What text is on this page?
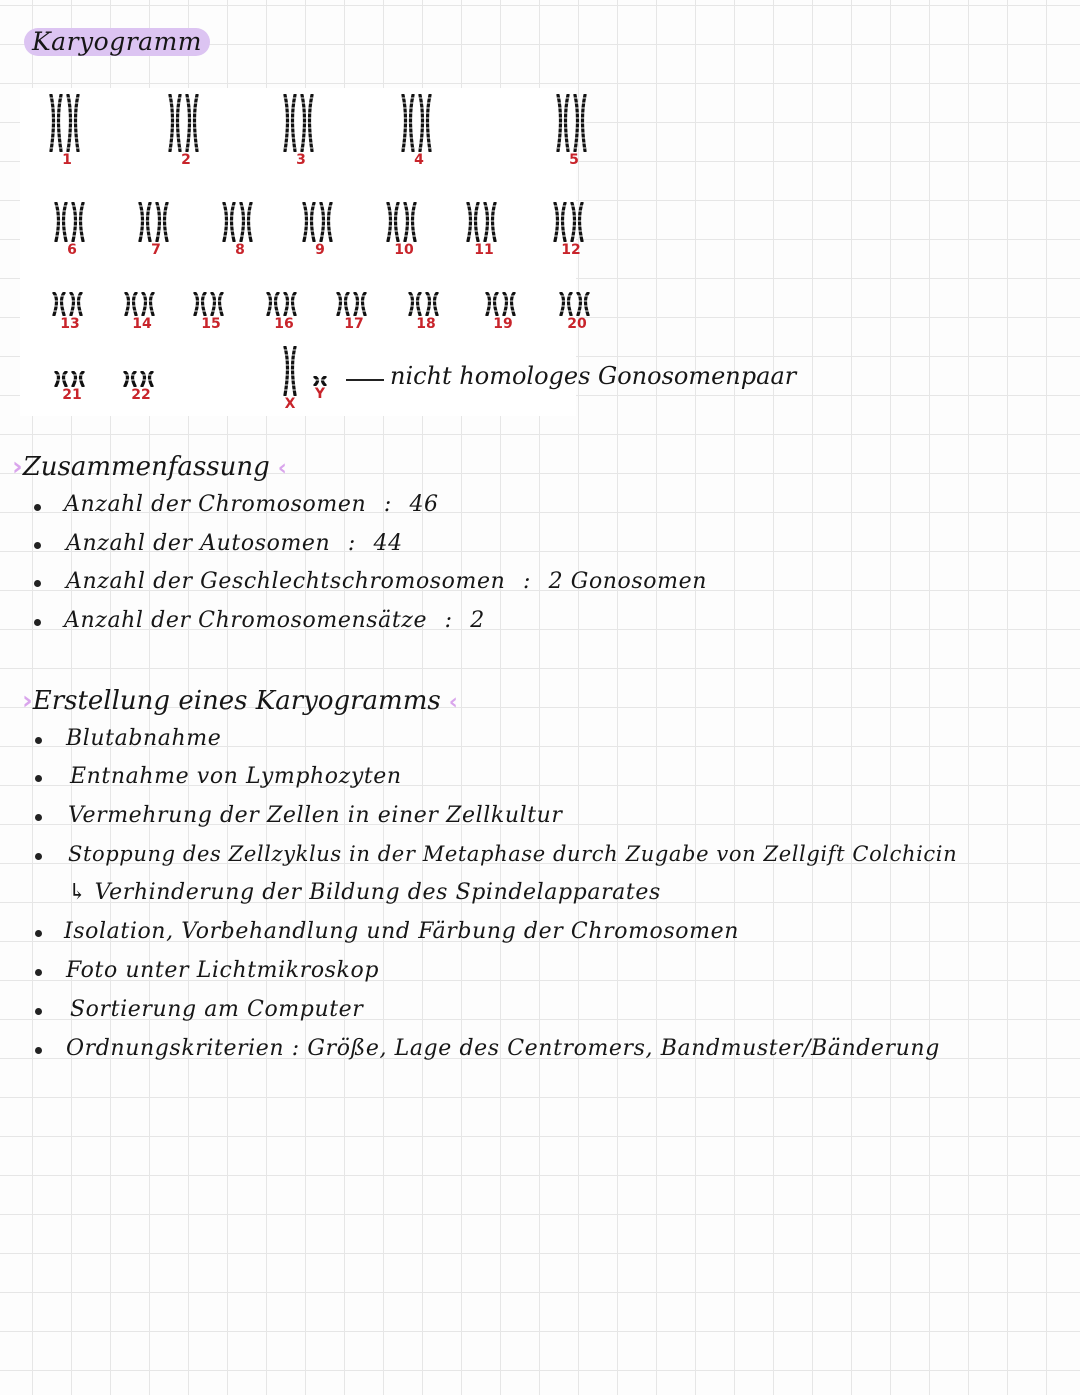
Karyogramm
1	2	3	4	5
6	7	8	9	10	11	12
13	14	15	16	17	18	19	20
21	22
X
Y
nicht homologes Gonosomenpaar
›Zusammenfassung ‹
Anzahl der Chromosomen : 46
Anzahl der Autosomen : 44
Anzahl der Geschlechtschromosomen : 2 Gonosomen
Anzahl der Chromosomensätze : 2
›Erstellung eines Karyogramms ‹
Blutabnahme
Entnahme von Lymphozyten
Vermehrung der Zellen in einer Zellkultur
Stoppung des Zellzyklus in der Metaphase durch Zugabe von Zellgift Colchicin
↳ Verhinderung der Bildung des Spindelapparates
Isolation, Vorbehandlung und Färbung der Chromosomen
Foto unter Lichtmikroskop
Sortierung am Computer
Ordnungskriterien : Größe, Lage des Centromers, Bandmuster/Bänderung
